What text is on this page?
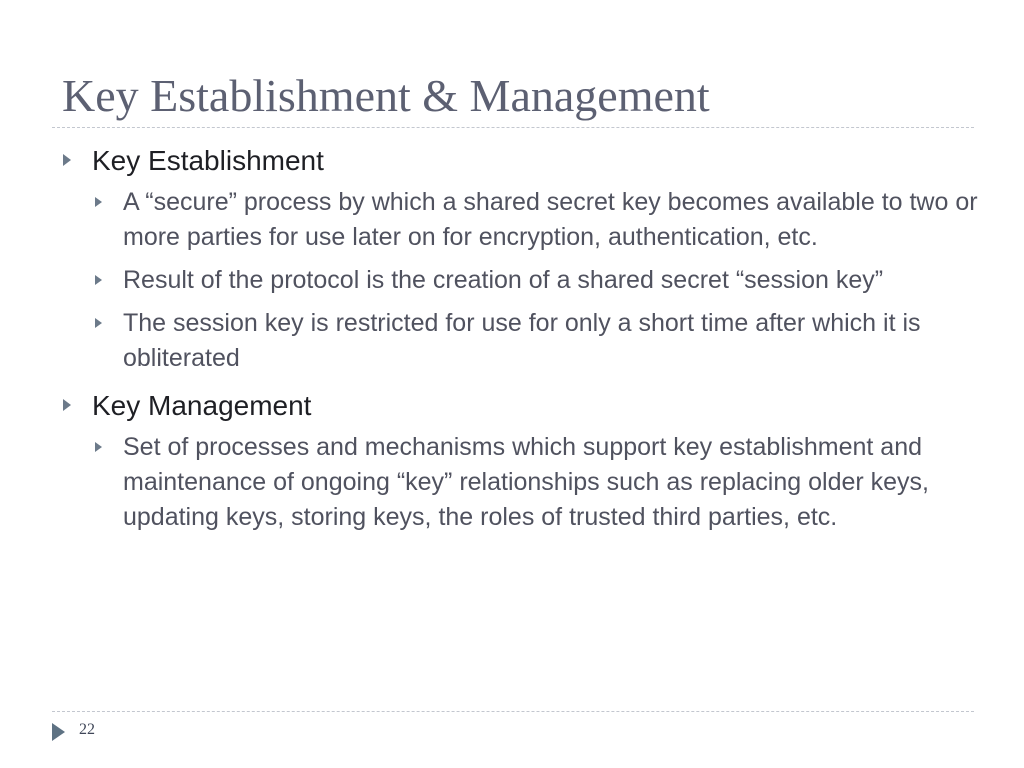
Key Establishment & Management
Key Establishment
A “secure” process by which a shared secret key becomes available to two or more parties for use later on for encryption, authentication, etc.
Result of the protocol is the creation of a shared secret “session key”
The session key is restricted for use for only a short time after which it is obliterated
Key Management
Set of processes and mechanisms which support key establishment and maintenance of ongoing “key” relationships such as replacing older keys, updating keys, storing keys, the roles of trusted third parties, etc.
22
